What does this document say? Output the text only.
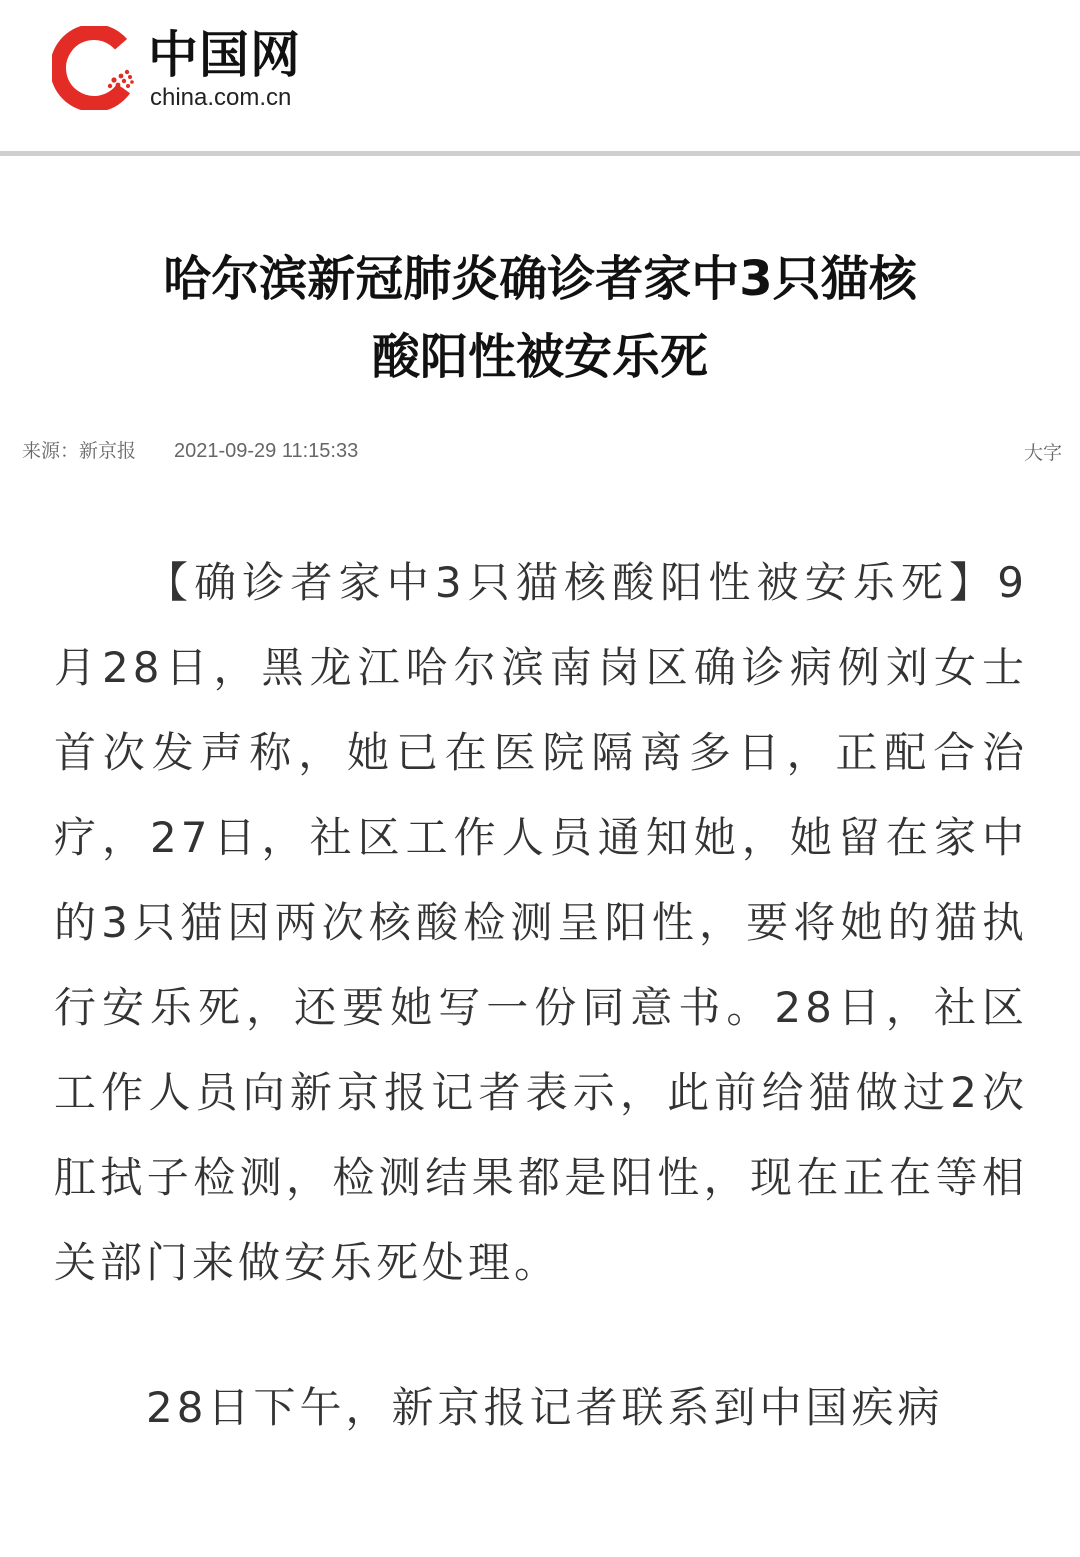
中国网
china.com.cn
哈尔滨新冠肺炎确诊者家中3只猫核
酸阳性被安乐死
来源：新京报 2021-09-29 11:15:33	大字

【确诊者家中3只猫核酸阳性被安乐死】9月28日，黑龙江哈尔滨南岗区确诊病例刘女士首次发声称，她已在医院隔离多日，正配合治疗，27日，社区工作人员通知她，她留在家中的3只猫因两次核酸检测呈阳性，要将她的猫执行安乐死，还要她写一份同意书。28日，社区工作人员向新京报记者表示，此前给猫做过2次肛拭子检测，检测结果都是阳性，现在正在等相关部门来做安乐死处理。

28日下午，新京报记者联系到中国疾病
